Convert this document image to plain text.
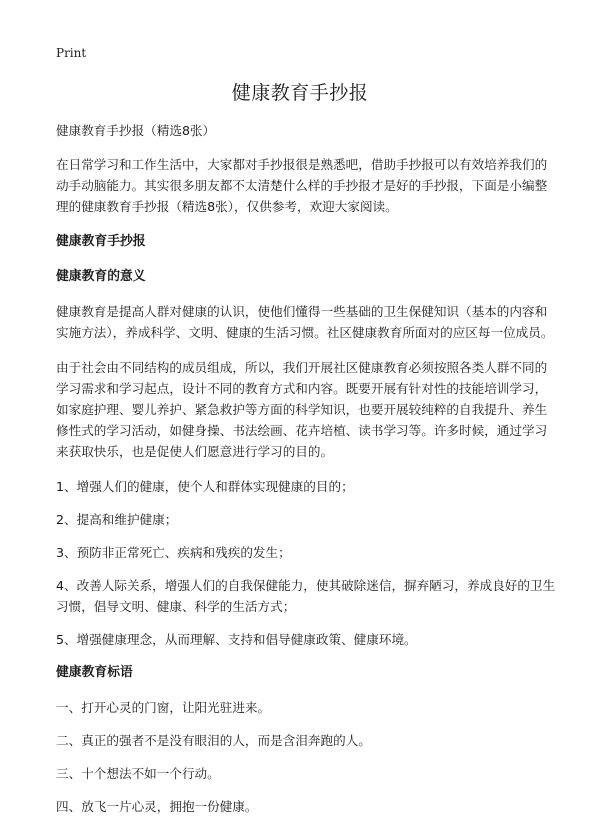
Print
健康教育手抄报

健康教育手抄报（精选8张）

在日常学习和工作生活中，大家都对手抄报很是熟悉吧，借助手抄报可以有效培养我们的动手动脑能力。其实很多朋友都不太清楚什么样的手抄报才是好的手抄报，下面是小编整理的健康教育手抄报（精选8张），仅供参考，欢迎大家阅读。

健康教育手抄报
健康教育的意义

健康教育是提高人群对健康的认识，使他们懂得一些基础的卫生保健知识（基本的内容和实施方法），养成科学、文明、健康的生活习惯。社区健康教育所面对的应区每一位成员。

由于社会由不同结构的成员组成，所以，我们开展社区健康教育必须按照各类人群不同的学习需求和学习起点，设计不同的教育方式和内容。既要开展有针对性的技能培训学习，如家庭护理、婴儿养护、紧急救护等方面的科学知识，也要开展较纯粹的自我提升、养生修性式的学习活动，如健身操、书法绘画、花卉培植、读书学习等。许多时候，通过学习来获取快乐，也是促使人们愿意进行学习的目的。

1、增强人们的健康，使个人和群体实现健康的目的；

2、提高和维护健康；

3、预防非正常死亡、疾病和残疾的发生；

4、改善人际关系，增强人们的自我保健能力，使其破除迷信，摒弃陋习，养成良好的卫生习惯，倡导文明、健康、科学的生活方式；

5、增强健康理念，从而理解、支持和倡导健康政策、健康环境。

健康教育标语

一、打开心灵的门窗，让阳光驻进来。

二、真正的强者不是没有眼泪的人，而是含泪奔跑的人。

三、十个想法不如一个行动。

四、放飞一片心灵，拥抱一份健康。
